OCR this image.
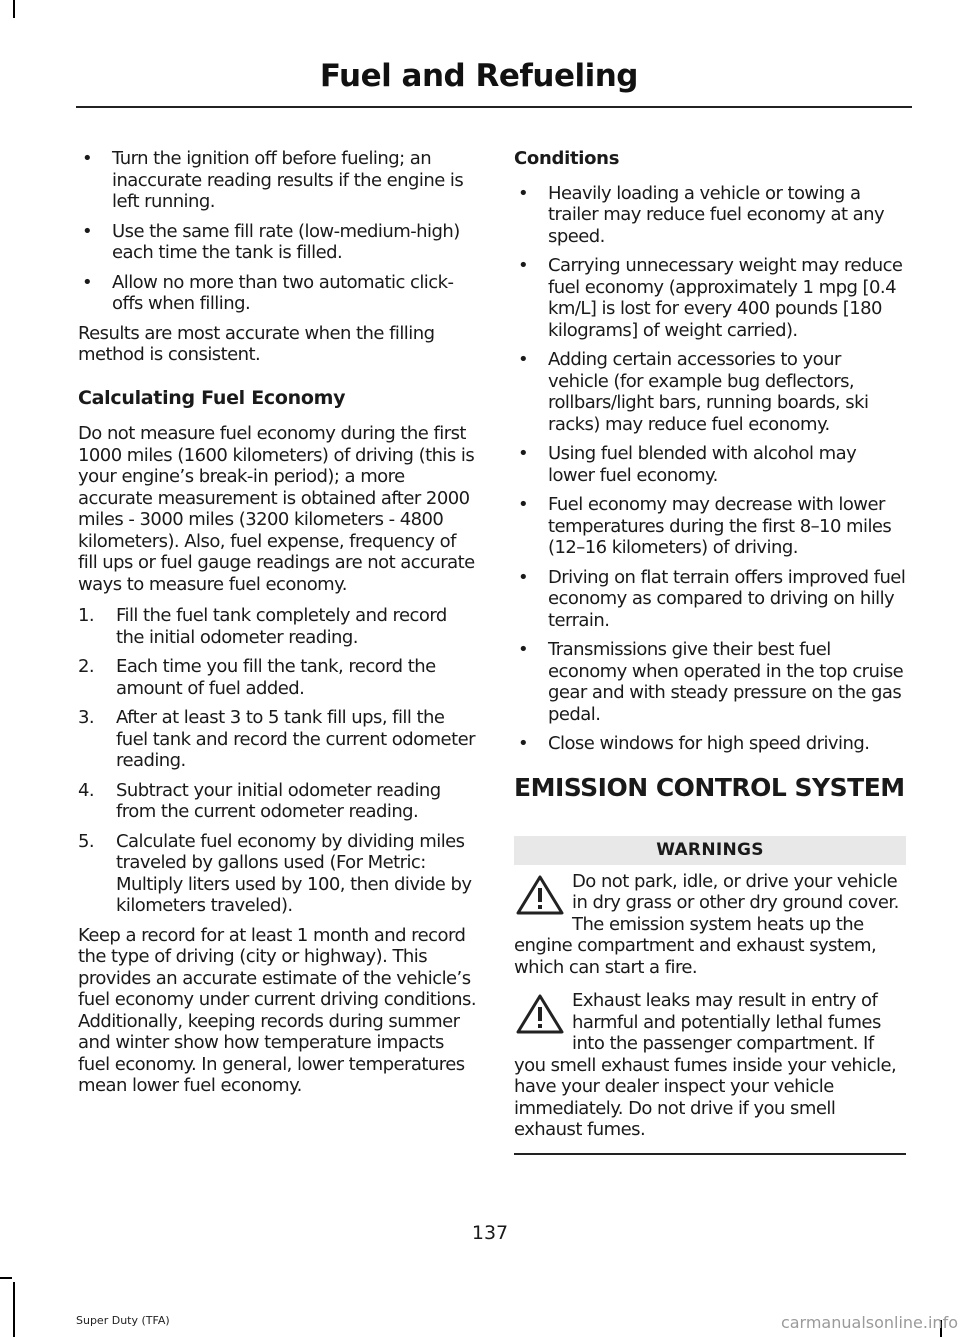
Fuel and Refueling
• Turn the ignition off before fueling; an inaccurate reading results if the engine is left running.
• Use the same fill rate (low-medium-high) each time the tank is filled.
• Allow no more than two automatic click-offs when filling.

Results are most accurate when the filling method is consistent.

Calculating Fuel Economy

Do not measure fuel economy during the first 1000 miles (1600 kilometers) of driving (this is your engine’s break-in period); a more accurate measurement is obtained after 2000 miles - 3000 miles (3200 kilometers - 4800 kilometers). Also, fuel expense, frequency of fill ups or fuel gauge readings are not accurate ways to measure fuel economy.

1. Fill the fuel tank completely and record the initial odometer reading.
2. Each time you fill the tank, record the amount of fuel added.
3. After at least 3 to 5 tank fill ups, fill the fuel tank and record the current odometer reading.
4. Subtract your initial odometer reading from the current odometer reading.
5. Calculate fuel economy by dividing miles traveled by gallons used (For Metric: Multiply liters used by 100, then divide by kilometers traveled).

Keep a record for at least 1 month and record the type of driving (city or highway). This provides an accurate estimate of the vehicle’s fuel economy under current driving conditions. Additionally, keeping records during summer and winter show how temperature impacts fuel economy. In general, lower temperatures mean lower fuel economy.

Conditions
• Heavily loading a vehicle or towing a trailer may reduce fuel economy at any speed.
• Carrying unnecessary weight may reduce fuel economy (approximately 1 mpg [0.4 km/L] is lost for every 400 pounds [180 kilograms] of weight carried).
• Adding certain accessories to your vehicle (for example bug deflectors, rollbars/light bars, running boards, ski racks) may reduce fuel economy.
• Using fuel blended with alcohol may lower fuel economy.
• Fuel economy may decrease with lower temperatures during the first 8–10 miles (12–16 kilometers) of driving.
• Driving on flat terrain offers improved fuel economy as compared to driving on hilly terrain.
• Transmissions give their best fuel economy when operated in the top cruise gear and with steady pressure on the gas pedal.
• Close windows for high speed driving.
EMISSION CONTROL SYSTEM
WARNINGS
Do not park, idle, or drive your vehicle in dry grass or other dry ground cover. The emission system heats up the engine compartment and exhaust system, which can start a fire.
Exhaust leaks may result in entry of harmful and potentially lethal fumes into the passenger compartment. If you smell exhaust fumes inside your vehicle, have your dealer inspect your vehicle immediately. Do not drive if you smell exhaust fumes.
137
Super Duty (TFA)	carmanualsonline.info
